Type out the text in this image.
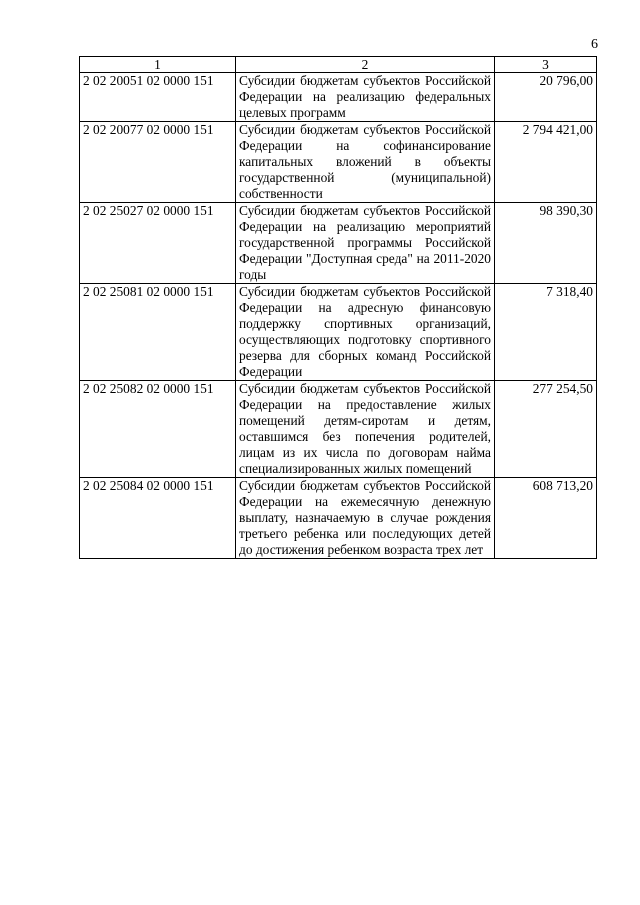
6
1	2	3
2 02 20051 02 0000 151	Субсидии бюджетам субъектов Российской Федерации на реализацию федеральных целевых программ	20 796,00
2 02 20077 02 0000 151	Субсидии бюджетам субъектов Российской Федерации на софинансирование капитальных вложений в объекты государственной (муниципальной) собственности	2 794 421,00
2 02 25027 02 0000 151	Субсидии бюджетам субъектов Российской Федерации на реализацию мероприятий государственной программы Российской Федерации "Доступная среда" на 2011-2020 годы	98 390,30
2 02 25081 02 0000 151	Субсидии бюджетам субъектов Российской Федерации на адресную финансовую поддержку спортивных организаций, осуществляющих подготовку спортивного резерва для сборных команд Российской Федерации	7 318,40
2 02 25082 02 0000 151	Субсидии бюджетам субъектов Российской Федерации на предоставление жилых помещений детям-сиротам и детям, оставшимся без попечения родителей, лицам из их числа по договорам найма специализированных жилых помещений	277 254,50
2 02 25084 02 0000 151	Субсидии бюджетам субъектов Российской Федерации на ежемесячную денежную выплату, назначаемую в случае рождения третьего ребенка или последующих детей до достижения ребенком возраста трех лет	608 713,20
